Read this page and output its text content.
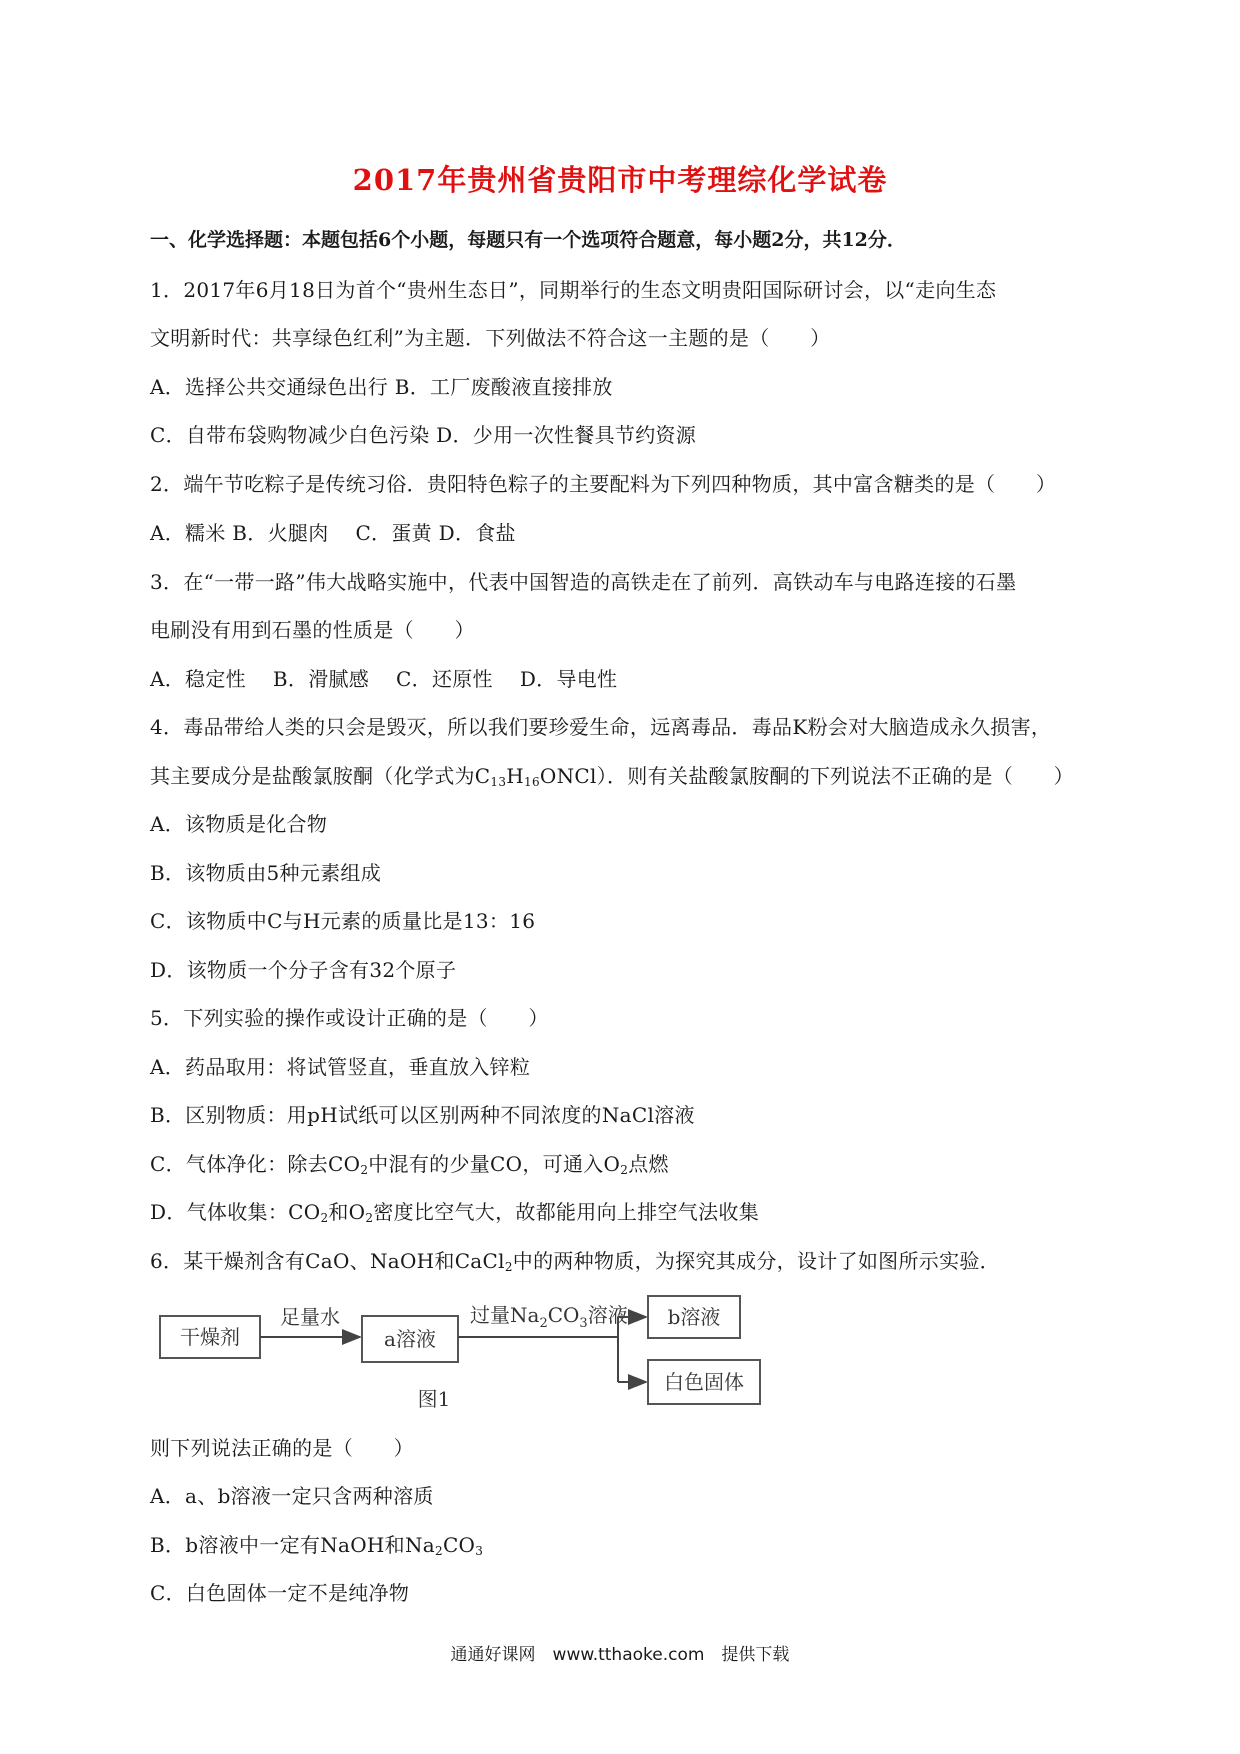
2017年贵州省贵阳市中考理综化学试卷
一、化学选择题：本题包括6个小题，每题只有一个选项符合题意，每小题2分，共12分．
1．2017年6月18日为首个“贵州生态日”，同期举行的生态文明贵阳国际研讨会，以“走向生态
文明新时代：共享绿色红利”为主题．下列做法不符合这一主题的是（　　）
A．选择公共交通绿色出行 B．工厂废酸液直接排放
C．自带布袋购物减少白色污染 D．少用一次性餐具节约资源
2．端午节吃粽子是传统习俗．贵阳特色粽子的主要配料为下列四种物质，其中富含糖类的是（　　）
A．糯米 B．火腿肉　 C．蛋黄 D．食盐
3．在“一带一路”伟大战略实施中，代表中国智造的高铁走在了前列．高铁动车与电路连接的石墨
电刷没有用到石墨的性质是（　　）
A．稳定性　 B．滑腻感　 C．还原性　 D．导电性
4．毒品带给人类的只会是毁灭，所以我们要珍爱生命，远离毒品．毒品K粉会对大脑造成永久损害，
其主要成分是盐酸氯胺酮（化学式为$C_{13}H_{16}ONCl$）．则有关盐酸氯胺酮的下列说法不正确的是（　　）
A．该物质是化合物
B．该物质由5种元素组成
C．该物质中C与H元素的质量比是13：16
D．该物质一个分子含有32个原子
5．下列实验的操作或设计正确的是（　　）
A．药品取用：将试管竖直，垂直放入锌粒
B．区别物质：用pH试纸可以区别两种不同浓度的NaCl溶液
C．气体净化：除去$CO_2$中混有的少量CO，可通入$O_2$点燃
D．气体收集：$CO_2$和$O_2$密度比空气大，故都能用向上排空气法收集
6．某干燥剂含有CaO、NaOH和CaCl$_2$中的两种物质，为探究其成分，设计了如图所示实验．
干燥剂
足量水
a溶液
过量$Na_2CO_3$溶液 b溶液
白色固体
图1
则下列说法正确的是（　　）
A．a、b溶液一定只含两种溶质
B．b溶液中一定有NaOH和$Na_2CO_3$
C．白色固体一定不是纯净物
通通好课网　www.tthaoke.com　提供下载
